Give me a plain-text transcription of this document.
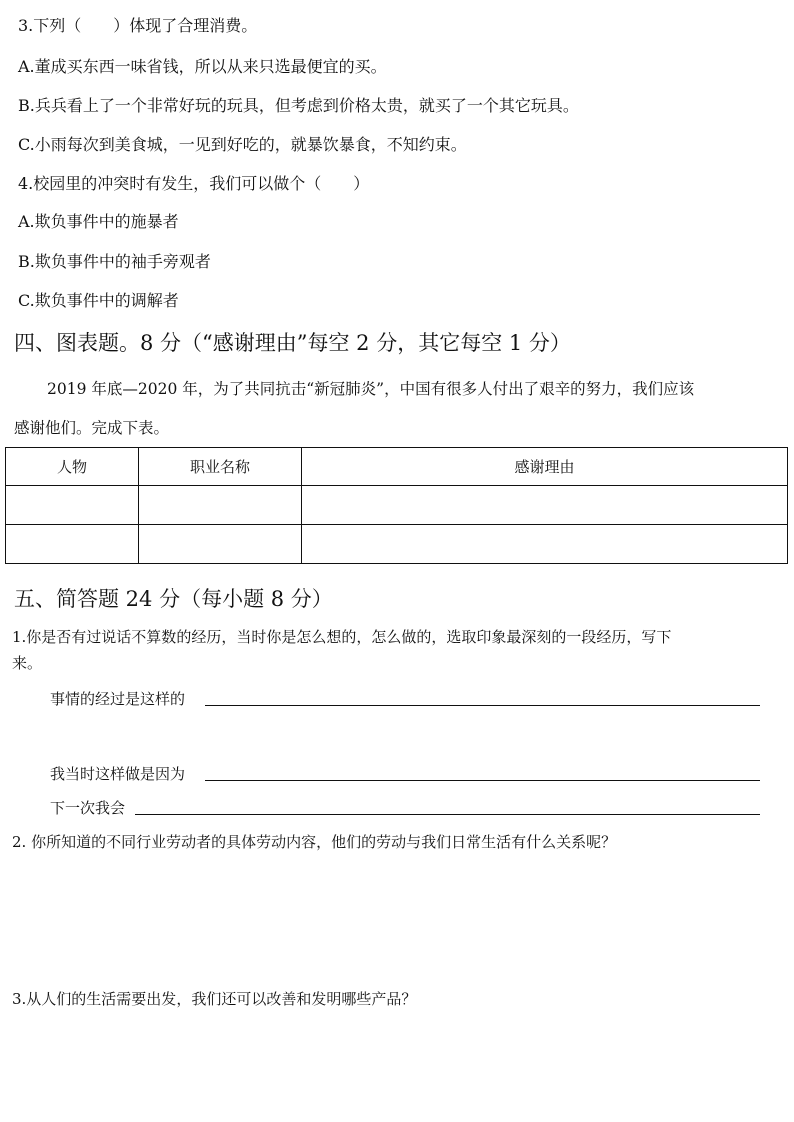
3.下列（　　）体现了合理消费。
A.董成买东西一味省钱，所以从来只选最便宜的买。
B.兵兵看上了一个非常好玩的玩具，但考虑到价格太贵，就买了一个其它玩具。
C.小雨每次到美食城，一见到好吃的，就暴饮暴食，不知约束。
4.校园里的冲突时有发生，我们可以做个（　　）
A.欺负事件中的施暴者
B.欺负事件中的袖手旁观者
C.欺负事件中的调解者
四、图表题。8 分（“感谢理由”每空 2 分，其它每空 1 分）
2019 年底—2020 年，为了共同抗击“新冠肺炎”，中国有很多人付出了艰辛的努力，我们应该
感谢他们。完成下表。
人物	职业名称	感谢理由

五、简答题 24 分（每小题 8 分）
1.你是否有过说话不算数的经历，当时你是怎么想的，怎么做的，选取印象最深刻的一段经历，写下
来。
事情的经过是这样的
我当时这样做是因为
下一次我会
2. 你所知道的不同行业劳动者的具体劳动内容，他们的劳动与我们日常生活有什么关系呢？
3.从人们的生活需要出发，我们还可以改善和发明哪些产品？
